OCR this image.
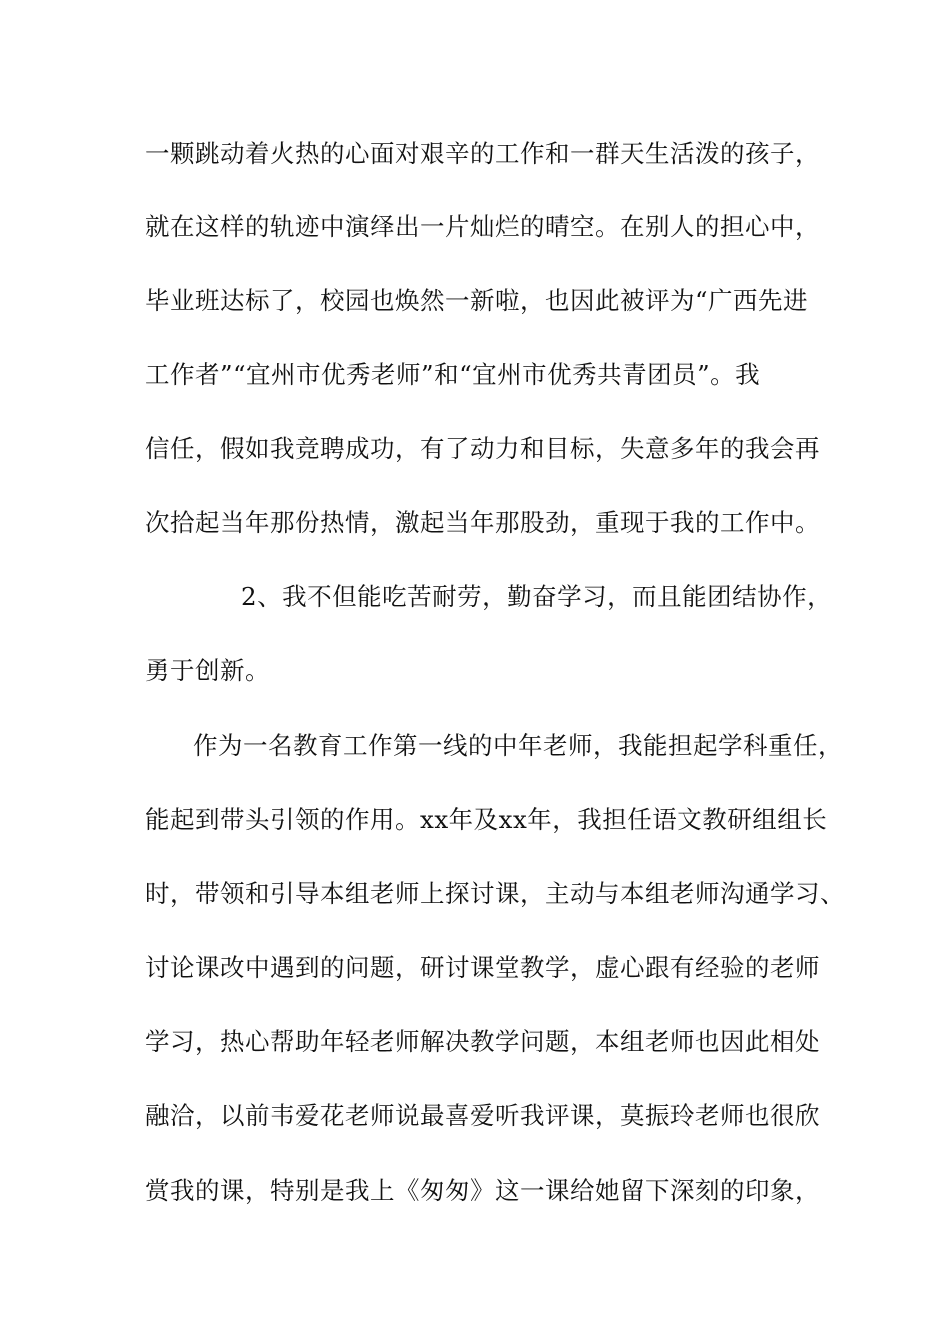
一颗跳动着火热的心面对艰辛的工作和一群天生活泼的孩子，

就在这样的轨迹中演绎出一片灿烂的晴空。在别人的担心中，

毕业班达标了，校园也焕然一新啦，也因此被评为“广西先进

工作者”“宜州市优秀老师”和“宜州市优秀共青团员”。我

信任，假如我竞聘成功，有了动力和目标，失意多年的我会再

次拾起当年那份热情，激起当年那股劲，重现于我的工作中。

2、我不但能吃苦耐劳，勤奋学习，而且能团结协作，

勇于创新。

作为一名教育工作第一线的中年老师，我能担起学科重任，

能起到带头引领的作用。xx年及xx年，我担任语文教研组组长

时，带领和引导本组老师上探讨课，主动与本组老师沟通学习、

讨论课改中遇到的问题，研讨课堂教学，虚心跟有经验的老师

学习，热心帮助年轻老师解决教学问题，本组老师也因此相处

融洽，以前韦爱花老师说最喜爱听我评课，莫振玲老师也很欣

赏我的课，特别是我上《匆匆》这一课给她留下深刻的印象，
